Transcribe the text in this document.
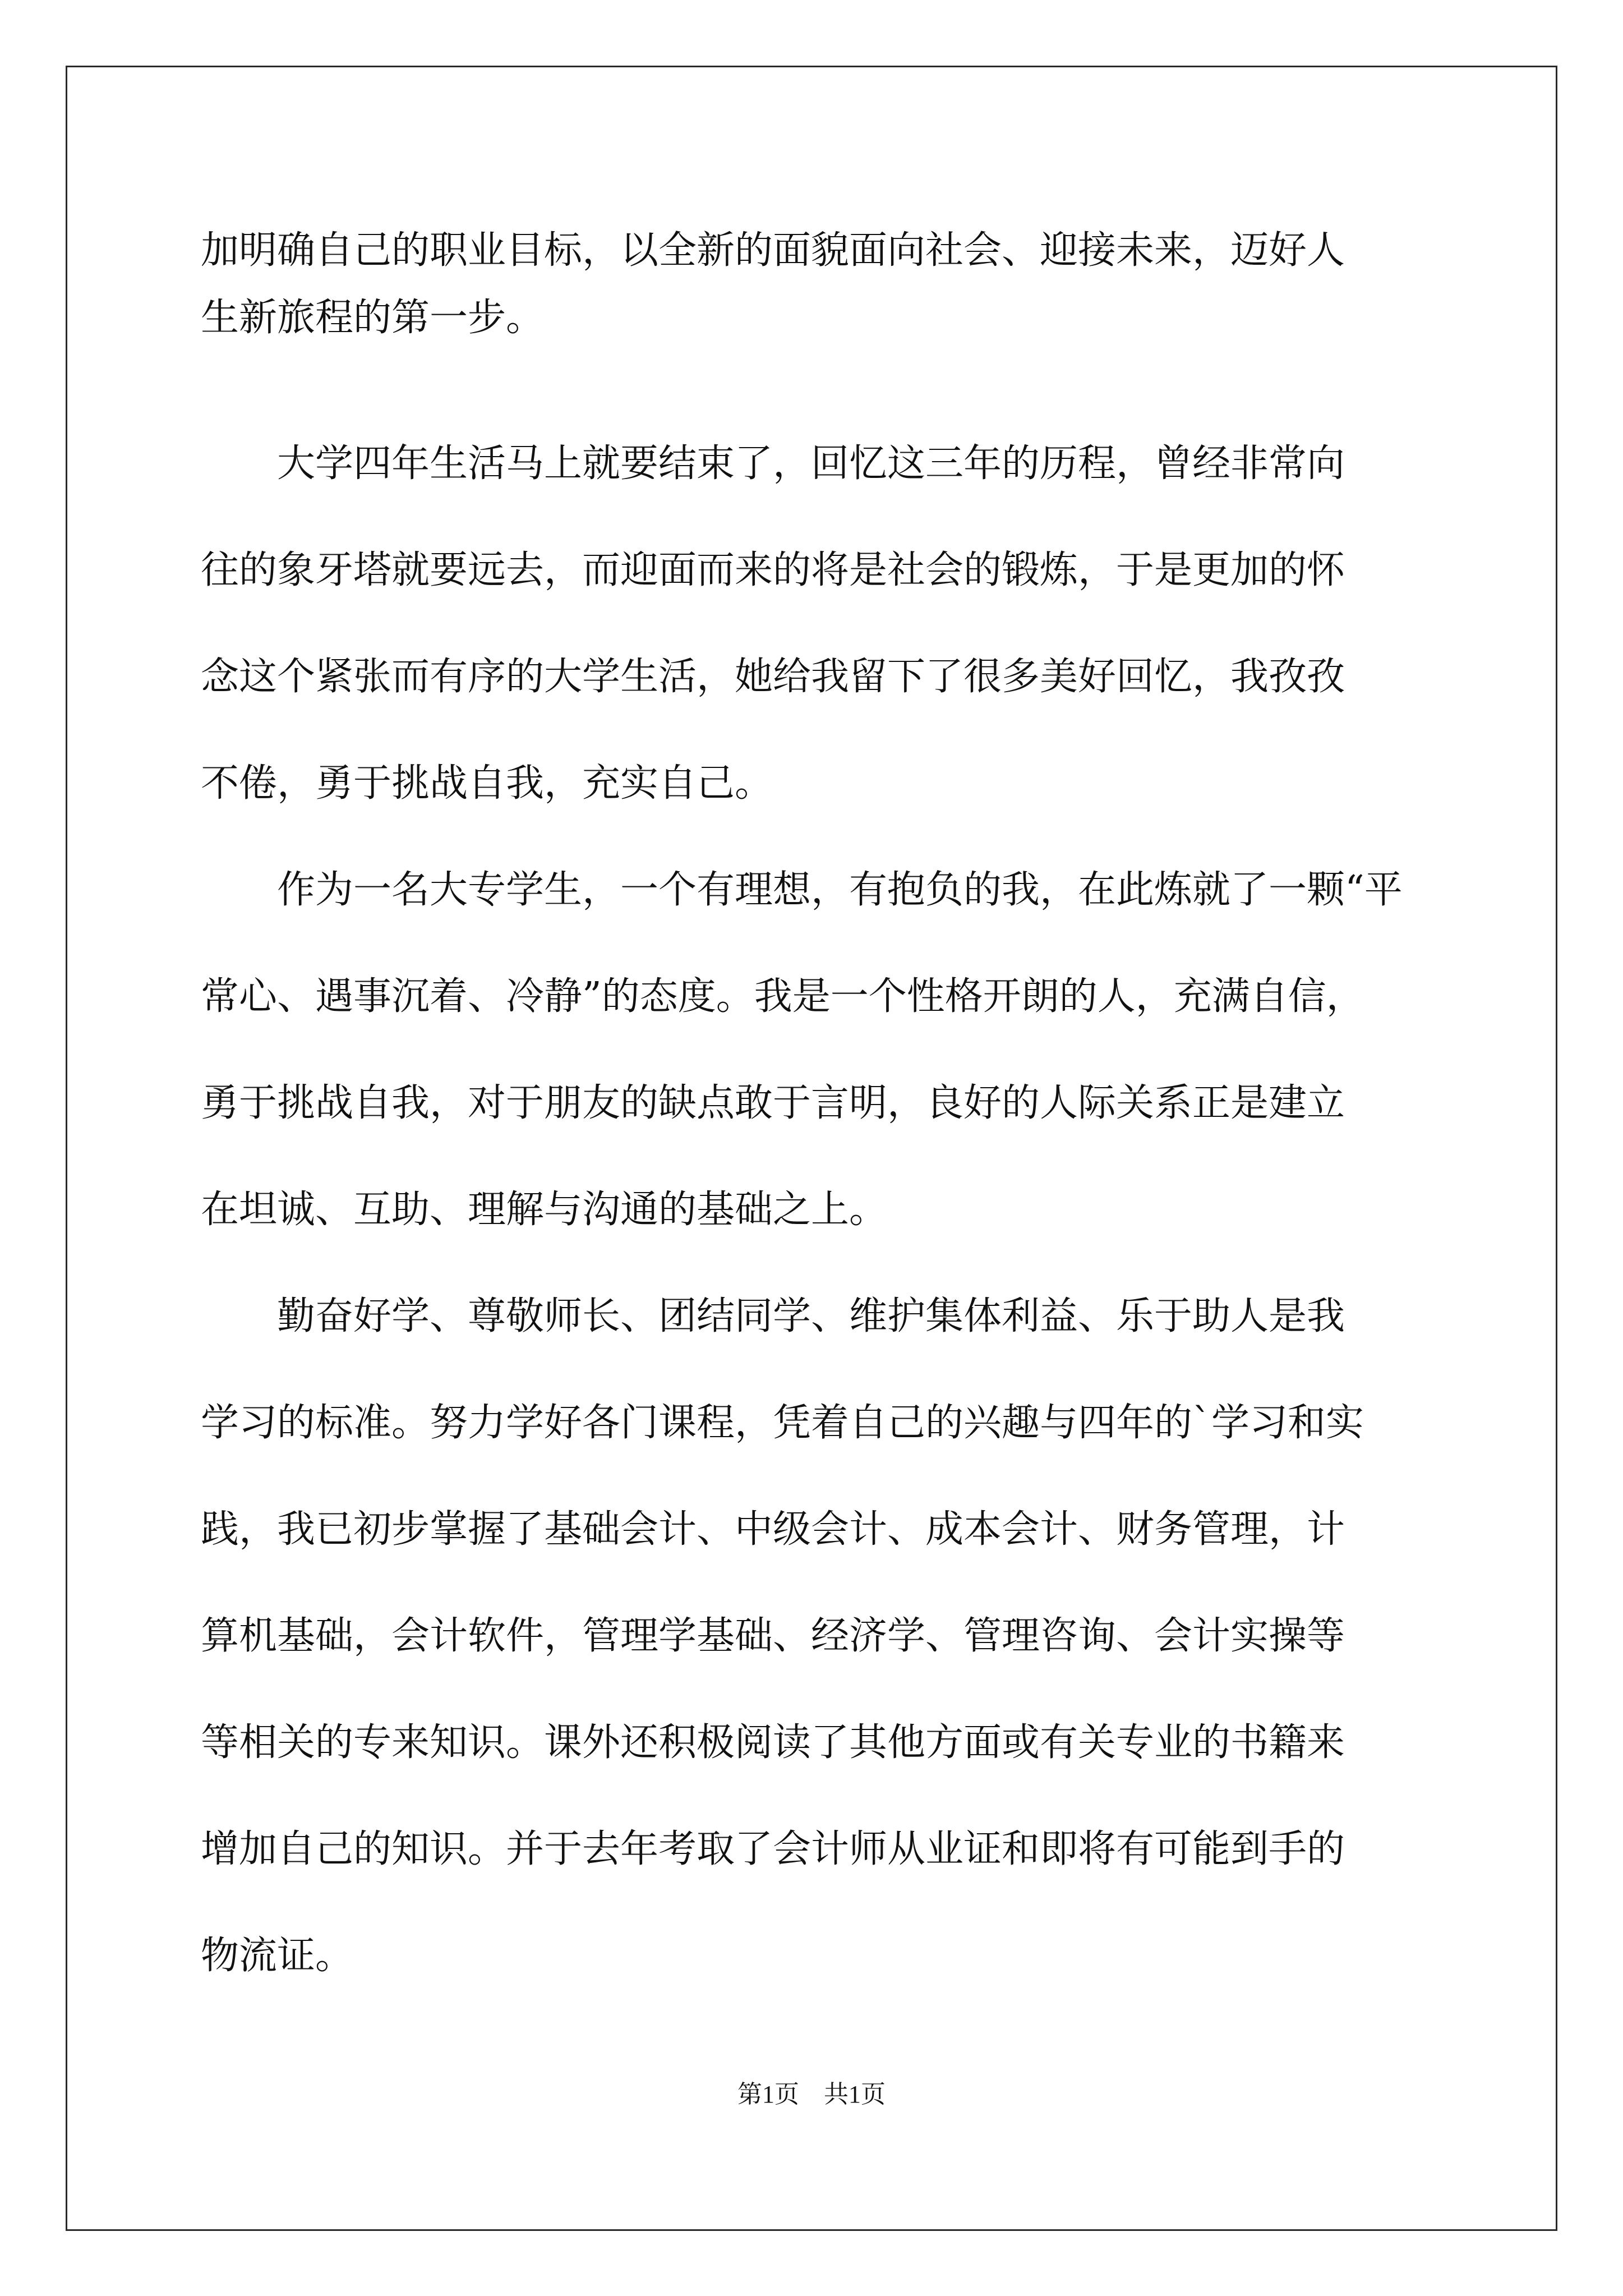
加明确自己的职业目标，以全新的面貌面向社会、迎接未来，迈好人

生新旅程的第一步。

　　大学四年生活马上就要结束了，回忆这三年的历程，曾经非常向

往的象牙塔就要远去，而迎面而来的将是社会的锻炼，于是更加的怀

念这个紧张而有序的大学生活，她给我留下了很多美好回忆，我孜孜

不倦，勇于挑战自我，充实自己。

　　作为一名大专学生，一个有理想，有抱负的我，在此炼就了一颗“平

常心、遇事沉着、冷静”的态度。我是一个性格开朗的人，充满自信，

勇于挑战自我，对于朋友的缺点敢于言明，良好的人际关系正是建立

在坦诚、互助、理解与沟通的基础之上。

　　勤奋好学、尊敬师长、团结同学、维护集体利益、乐于助人是我

学习的标准。努力学好各门课程，凭着自己的兴趣与四年的`学习和实

践，我已初步掌握了基础会计、中级会计、成本会计、财务管理，计

算机基础，会计软件，管理学基础、经济学、管理咨询、会计实操等

等相关的专来知识。课外还积极阅读了其他方面或有关专业的书籍来

增加自己的知识。并于去年考取了会计师从业证和即将有可能到手的

物流证。

第1页　共1页
